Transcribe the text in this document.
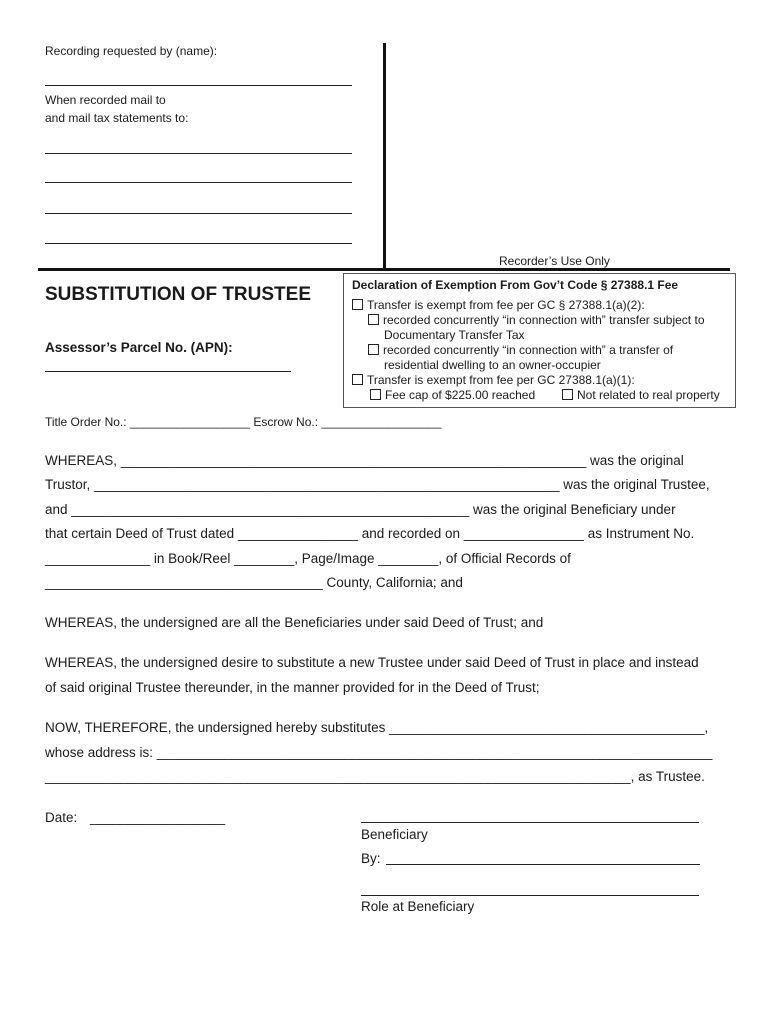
Recording requested by (name):
When recorded mail to
and mail tax statements to:
Recorder’s Use Only
SUBSTITUTION OF TRUSTEE
Assessor’s Parcel No. (APN):
Declaration of Exemption From Gov’t Code § 27388.1 Fee
Transfer is exempt from fee per GC § 27388.1(a)(2):
recorded concurrently “in connection with” transfer subject to
Documentary Transfer Tax
recorded concurrently “in connection with” a transfer of
residential dwelling to an owner-occupier
Transfer is exempt from fee per GC 27388.1(a)(1):
Fee cap of $225.00 reached	Not related to real property
Title Order No.: __________________ Escrow No.: __________________
WHEREAS, ______________________________________________________________ was the original
Trustor, ______________________________________________________________ was the original Trustee,
and _____________________________________________________ was the original Beneficiary under
that certain Deed of Trust dated ________________ and recorded on ________________ as Instrument No.
______________ in Book/Reel ________, Page/Image ________, of Official Records of
_____________________________________ County, California; and
WHEREAS, the undersigned are all the Beneficiaries under said Deed of Trust; and
WHEREAS, the undersigned desire to substitute a new Trustee under said Deed of Trust in place and instead
of said original Trustee thereunder, in the manner provided for in the Deed of Trust;
NOW, THEREFORE, the undersigned hereby substitutes __________________________________________,
whose address is: __________________________________________________________________________
______________________________________________________________________________, as Trustee.
Date: __________________
Beneficiary
By:
Role at Beneficiary
